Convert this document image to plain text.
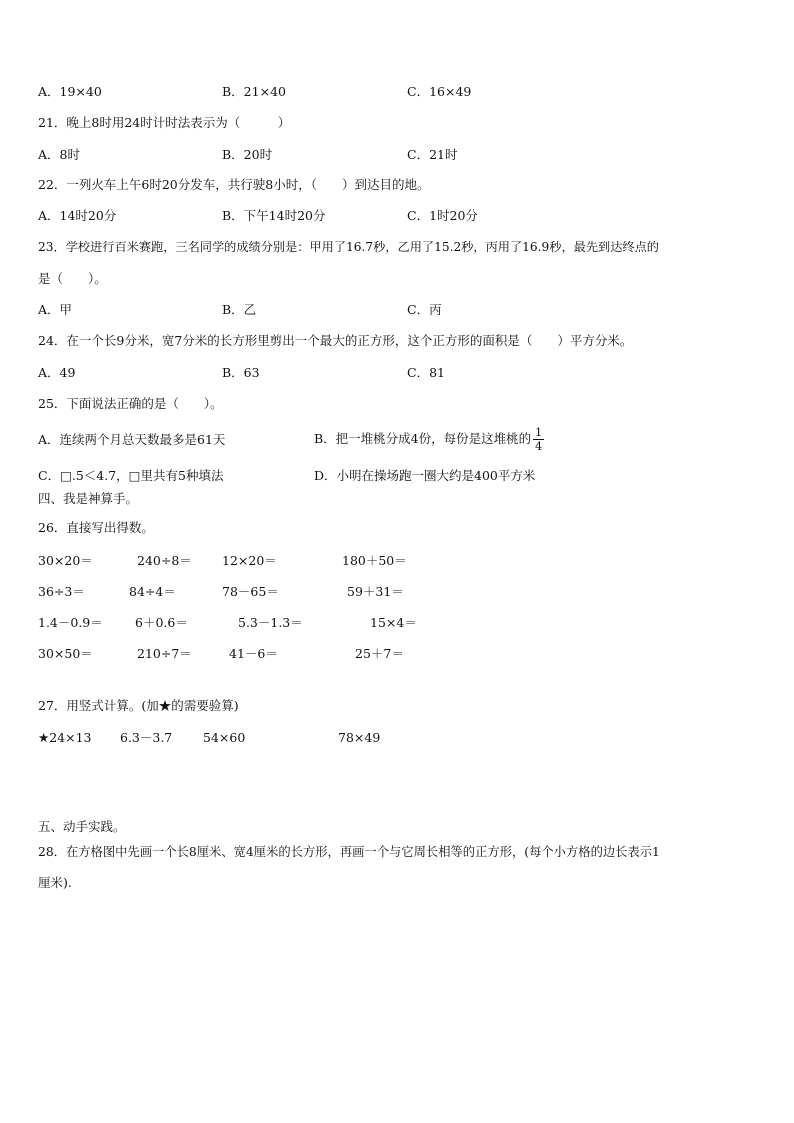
A．19×40	B．21×40	C．16×49
21．晚上8时用24时计时法表示为（　　　）
A．8时	B．20时	C．21时
22．一列火车上午6时20分发车，共行驶8小时，（　　）到达目的地。
A．14时20分	B．下午14时20分	C．1时20分
23．学校进行百米赛跑，三名同学的成绩分别是：甲用了16.7秒，乙用了15.2秒，丙用了16.9秒，最先到达终点的
是（　　）。
A．甲	B．乙	C．丙
24．在一个长9分米，宽7分米的长方形里剪出一个最大的正方形，这个正方形的面积是（　　）平方分米。
A．49	B．63	C．81
25．下面说法正确的是（　　）。
A．连续两个月总天数最多是61天	B．把一堆桃分成4份，每份是这堆桃的 $\frac{1}{4}$
C．□.5＜4.7，□里共有5种填法	D．小明在操场跑一圈大约是400平方米
四、我是神算手。
26．直接写出得数。
30×20＝	240÷8＝ 12×20＝	180＋50＝
36÷3＝	84÷4＝	78－65＝	59＋31＝
1.4－0.9＝	6＋0.6＝	5.3－1.3＝	15×4＝
30×50＝	210÷7＝	41－6＝	25＋7＝
27．用竖式计算。(加★的需要验算)
★24×13 6.3－3.7 54×60	78×49
五、动手实践。
28．在方格图中先画一个长8厘米、宽4厘米的长方形，再画一个与它周长相等的正方形，(每个小方格的边长表示1
厘米).
